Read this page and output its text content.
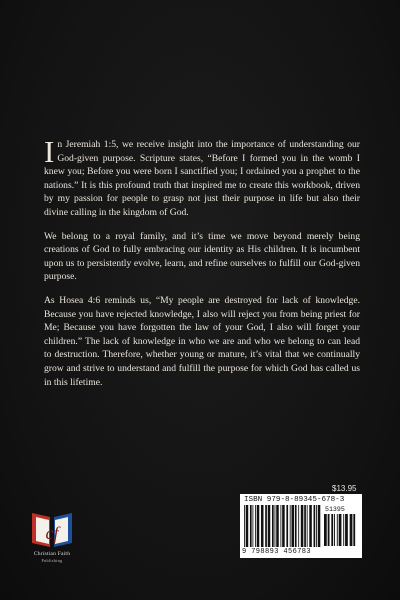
In Jeremiah 1:5, we receive insight into the importance of understanding our God-given purpose. Scripture states, “Before I formed you in the womb I knew you; Before you were born I sanctified you; I ordained you a prophet to the nations.” It is this profound truth that inspired me to create this workbook, driven by my passion for people to grasp not just their purpose in life but also their divine calling in the kingdom of God.

We belong to a royal family, and it’s time we move beyond merely being creations of God to fully embracing our identity as His children. It is incumbent upon us to persistently evolve, learn, and refine ourselves to fulfill our God-given purpose.

As Hosea 4:6 reminds us, “My people are destroyed for lack of knowledge. Because you have rejected knowledge, I also will reject you from being priest for Me; Because you have forgotten the law of your God, I also will forget your children.” The lack of knowledge in who we are and who we belong to can lead to destruction. Therefore, whether young or mature, it’s vital that we continually grow and strive to understand and fulfill the purpose for which God has called us in this lifetime.

cf
Christian Faith
Publishing
$13.95
ISBN 979-8-89345-678-3
51395
9 798893 456783
